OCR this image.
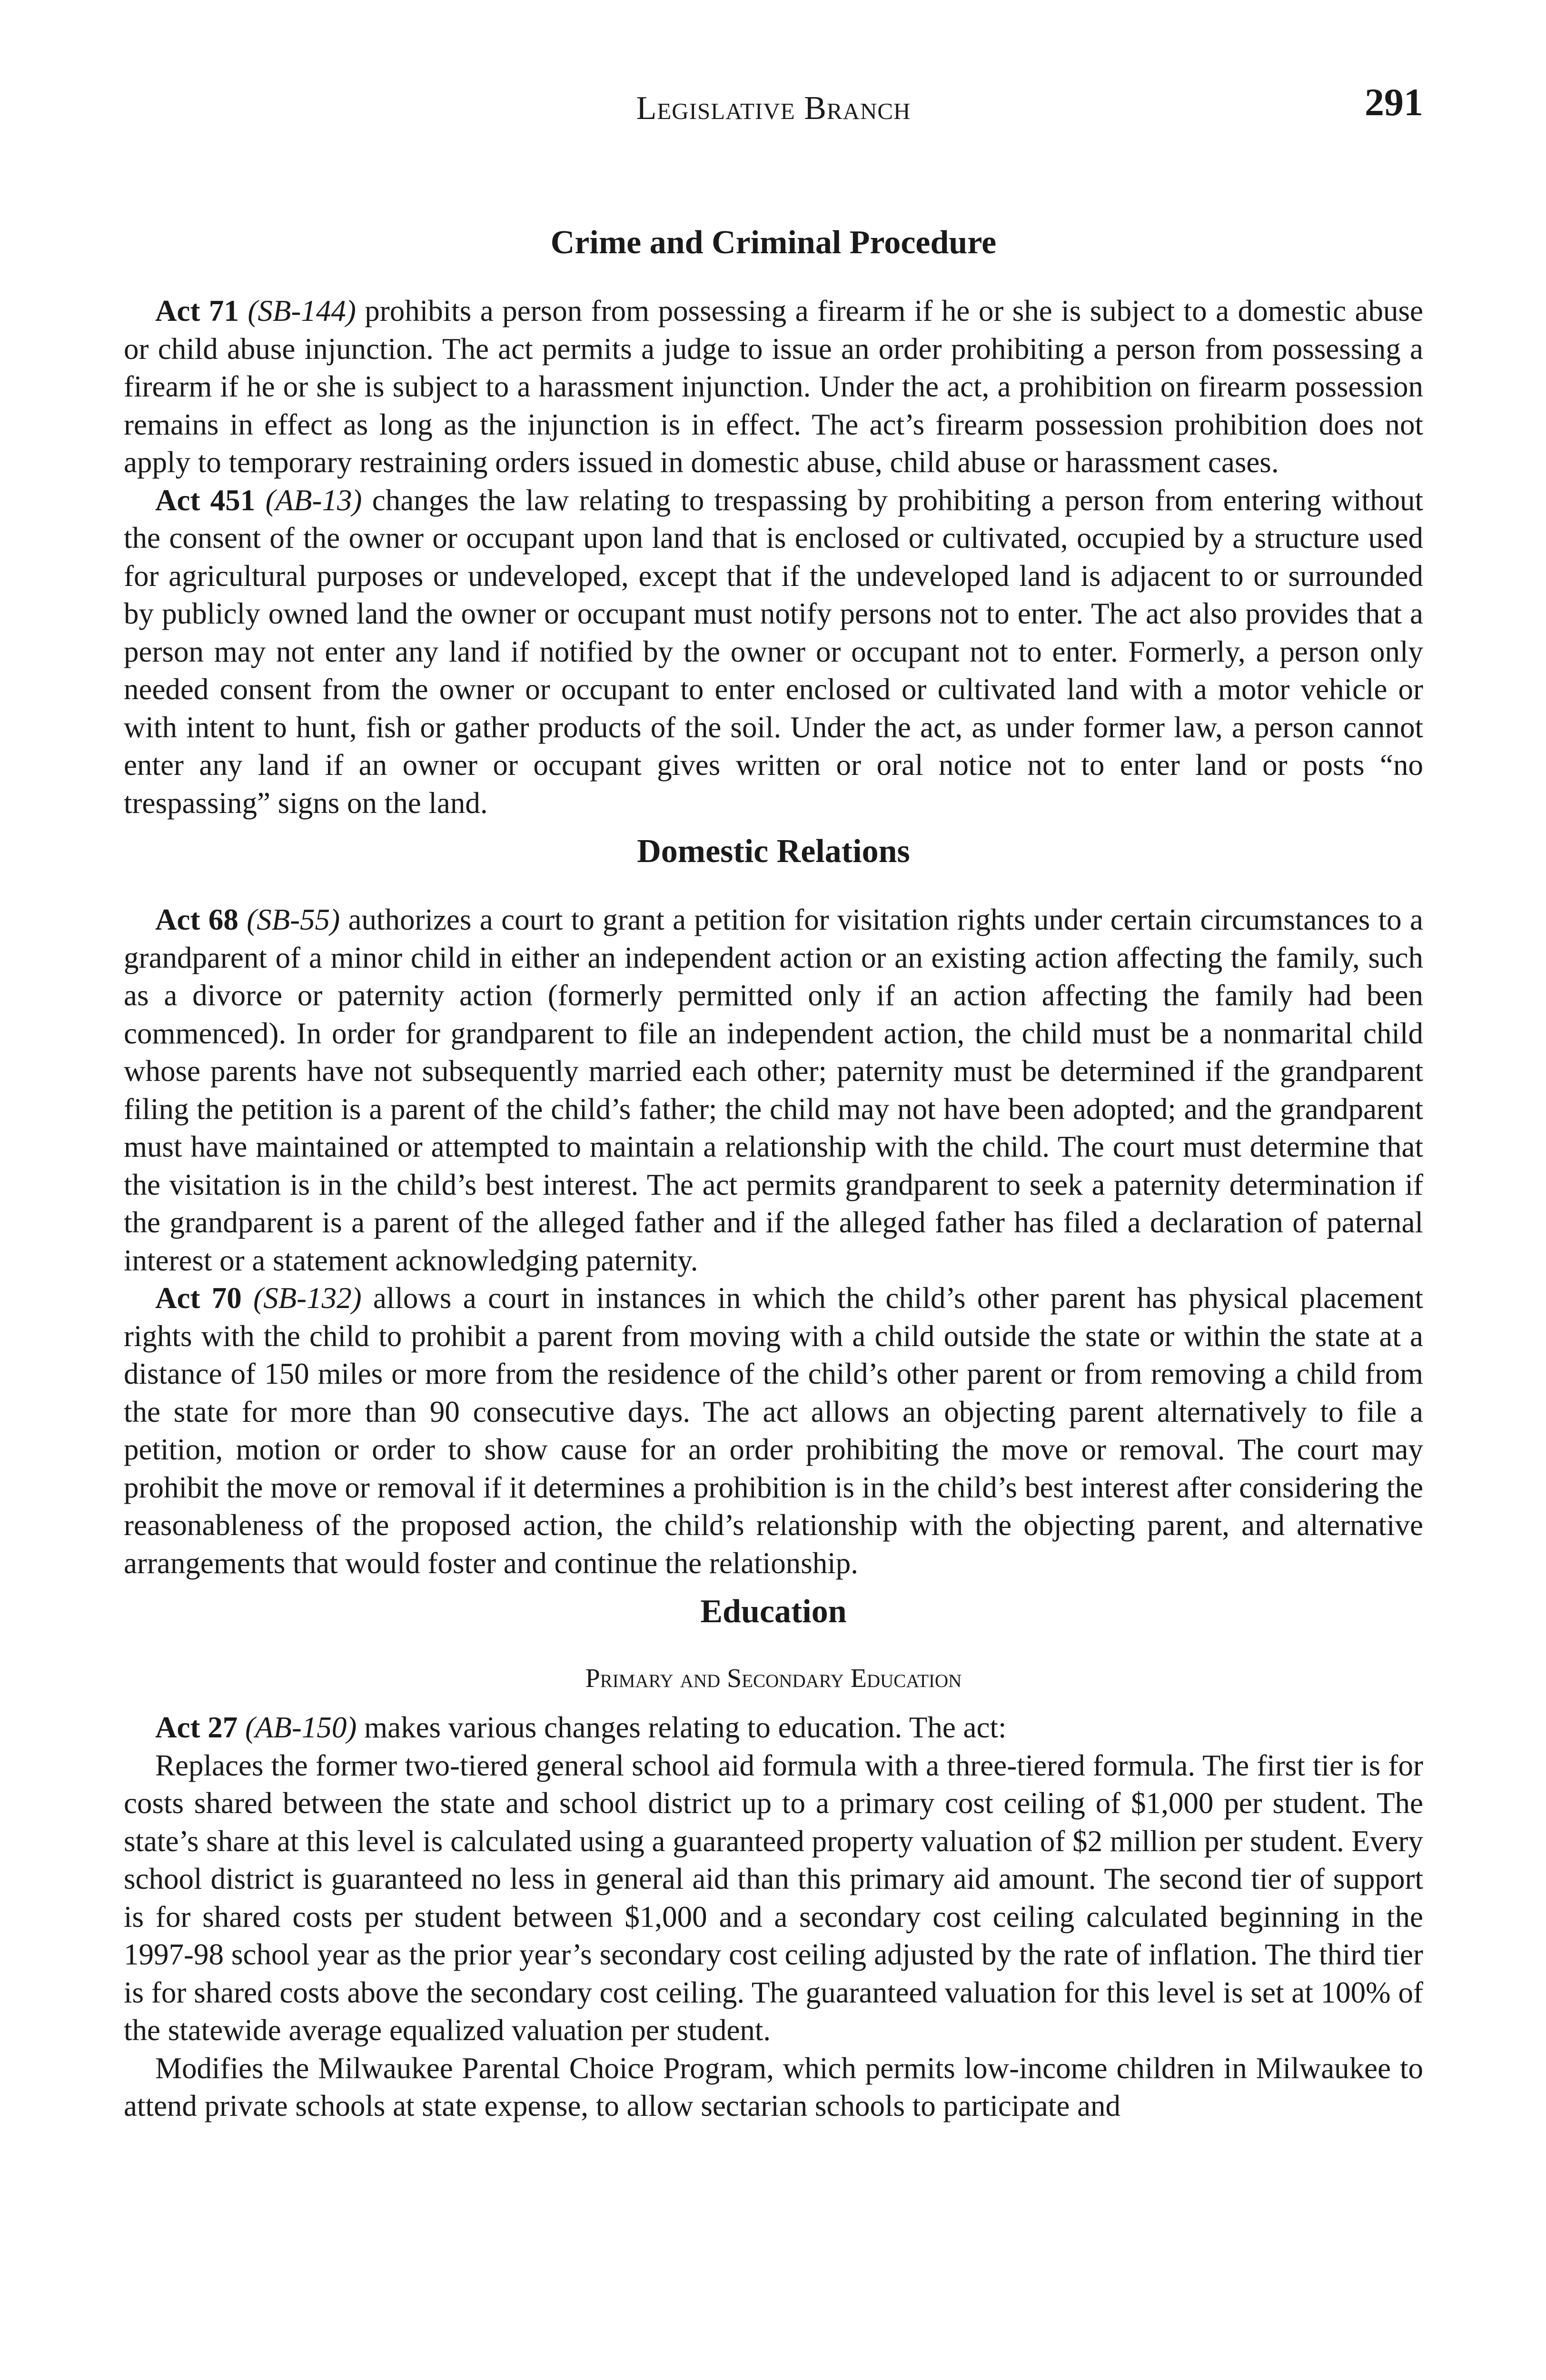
Legislative Branch	291
Crime and Criminal Procedure

Act 71 (SB-144) prohibits a person from possessing a firearm if he or she is subject to a domestic abuse or child abuse injunction. The act permits a judge to issue an order prohibiting a person from possessing a firearm if he or she is subject to a harassment injunction. Under the act, a prohibition on firearm possession remains in effect as long as the injunction is in effect. The act’s firearm possession prohibition does not apply to temporary restraining orders issued in domestic abuse, child abuse or harassment cases.

Act 451 (AB-13) changes the law relating to trespassing by prohibiting a person from entering without the consent of the owner or occupant upon land that is enclosed or cultivated, occupied by a structure used for agricultural purposes or undeveloped, except that if the undeveloped land is adjacent to or surrounded by publicly owned land the owner or occupant must notify persons not to enter. The act also provides that a person may not enter any land if notified by the owner or occupant not to enter. Formerly, a person only needed consent from the owner or occupant to enter enclosed or cultivated land with a motor vehicle or with intent to hunt, fish or gather products of the soil. Under the act, as under former law, a person cannot enter any land if an owner or occupant gives written or oral notice not to enter land or posts “no trespassing” signs on the land.

Domestic Relations

Act 68 (SB-55) authorizes a court to grant a petition for visitation rights under certain circumstances to a grandparent of a minor child in either an independent action or an existing action affecting the family, such as a divorce or paternity action (formerly permitted only if an action affecting the family had been commenced). In order for grandparent to file an independent action, the child must be a nonmarital child whose parents have not subsequently married each other; paternity must be determined if the grandparent filing the petition is a parent of the child’s father; the child may not have been adopted; and the grandparent must have maintained or attempted to maintain a relationship with the child. The court must determine that the visitation is in the child’s best interest. The act permits grandparent to seek a paternity determination if the grandparent is a parent of the alleged father and if the alleged father has filed a declaration of paternal interest or a statement acknowledging paternity.

Act 70 (SB-132) allows a court in instances in which the child’s other parent has physical placement rights with the child to prohibit a parent from moving with a child outside the state or within the state at a distance of 150 miles or more from the residence of the child’s other parent or from removing a child from the state for more than 90 consecutive days. The act allows an objecting parent alternatively to file a petition, motion or order to show cause for an order prohibiting the move or removal. The court may prohibit the move or removal if it determines a prohibition is in the child’s best interest after considering the reasonableness of the proposed action, the child’s relationship with the objecting parent, and alternative arrangements that would foster and continue the relationship.

Education
Primary and Secondary Education

Act 27 (AB-150) makes various changes relating to education. The act:

Replaces the former two-tiered general school aid formula with a three-tiered formula. The first tier is for costs shared between the state and school district up to a primary cost ceiling of $1,000 per student. The state’s share at this level is calculated using a guaranteed property valuation of $2 million per student. Every school district is guaranteed no less in general aid than this primary aid amount. The second tier of support is for shared costs per student between $1,000 and a secondary cost ceiling calculated beginning in the 1997-98 school year as the prior year’s secondary cost ceiling adjusted by the rate of inflation. The third tier is for shared costs above the secondary cost ceiling. The guaranteed valuation for this level is set at 100% of the statewide average equalized valuation per student.

Modifies the Milwaukee Parental Choice Program, which permits low-income children in Milwaukee to attend private schools at state expense, to allow sectarian schools to participate and
